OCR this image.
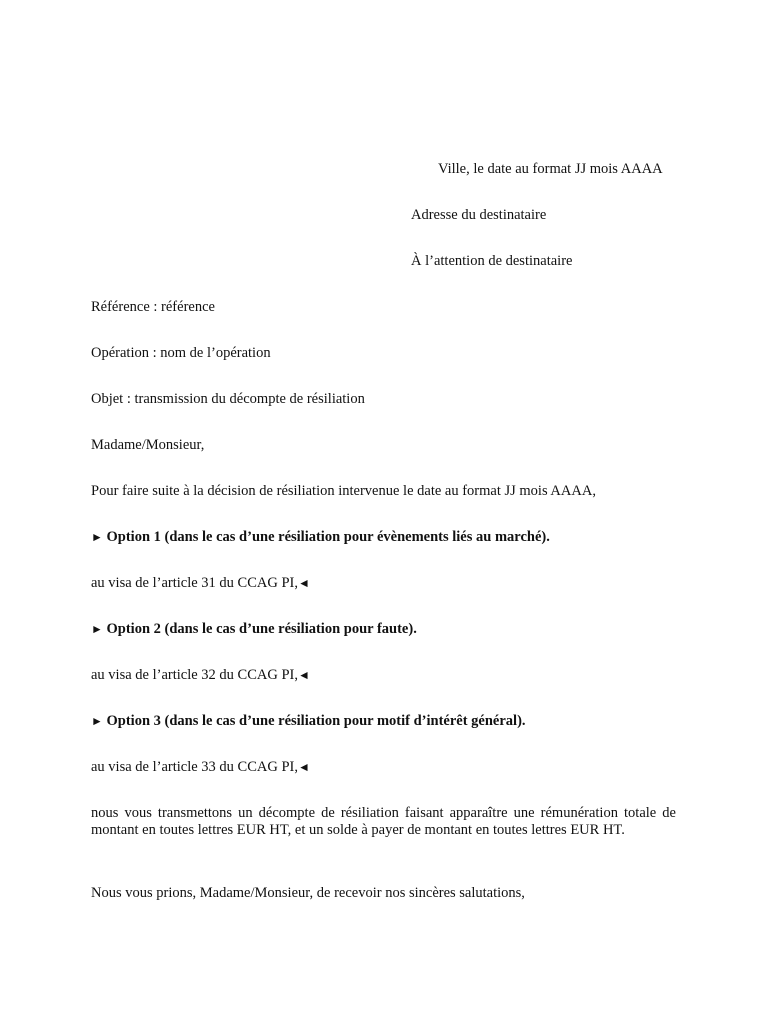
Ville, le date au format JJ mois AAAA
Adresse du destinataire
À l’attention de destinataire
Référence : référence
Opération : nom de l’opération
Objet : transmission du décompte de résiliation
Madame/Monsieur,
Pour faire suite à la décision de résiliation intervenue le date au format JJ mois AAAA,
► Option 1 (dans le cas d’une résiliation pour évènements liés au marché).
au visa de l’article 31 du CCAG PI,◄
► Option 2 (dans le cas d’une résiliation pour faute).
au visa de l’article 32 du CCAG PI,◄
► Option 3 (dans le cas d’une résiliation pour motif d’intérêt général).
au visa de l’article 33 du CCAG PI,◄
nous vous transmettons un décompte de résiliation faisant apparaître une rémunération totale de montant en toutes lettres EUR HT, et un solde à payer de montant en toutes lettres EUR HT.
Nous vous prions, Madame/Monsieur, de recevoir nos sincères salutations,
